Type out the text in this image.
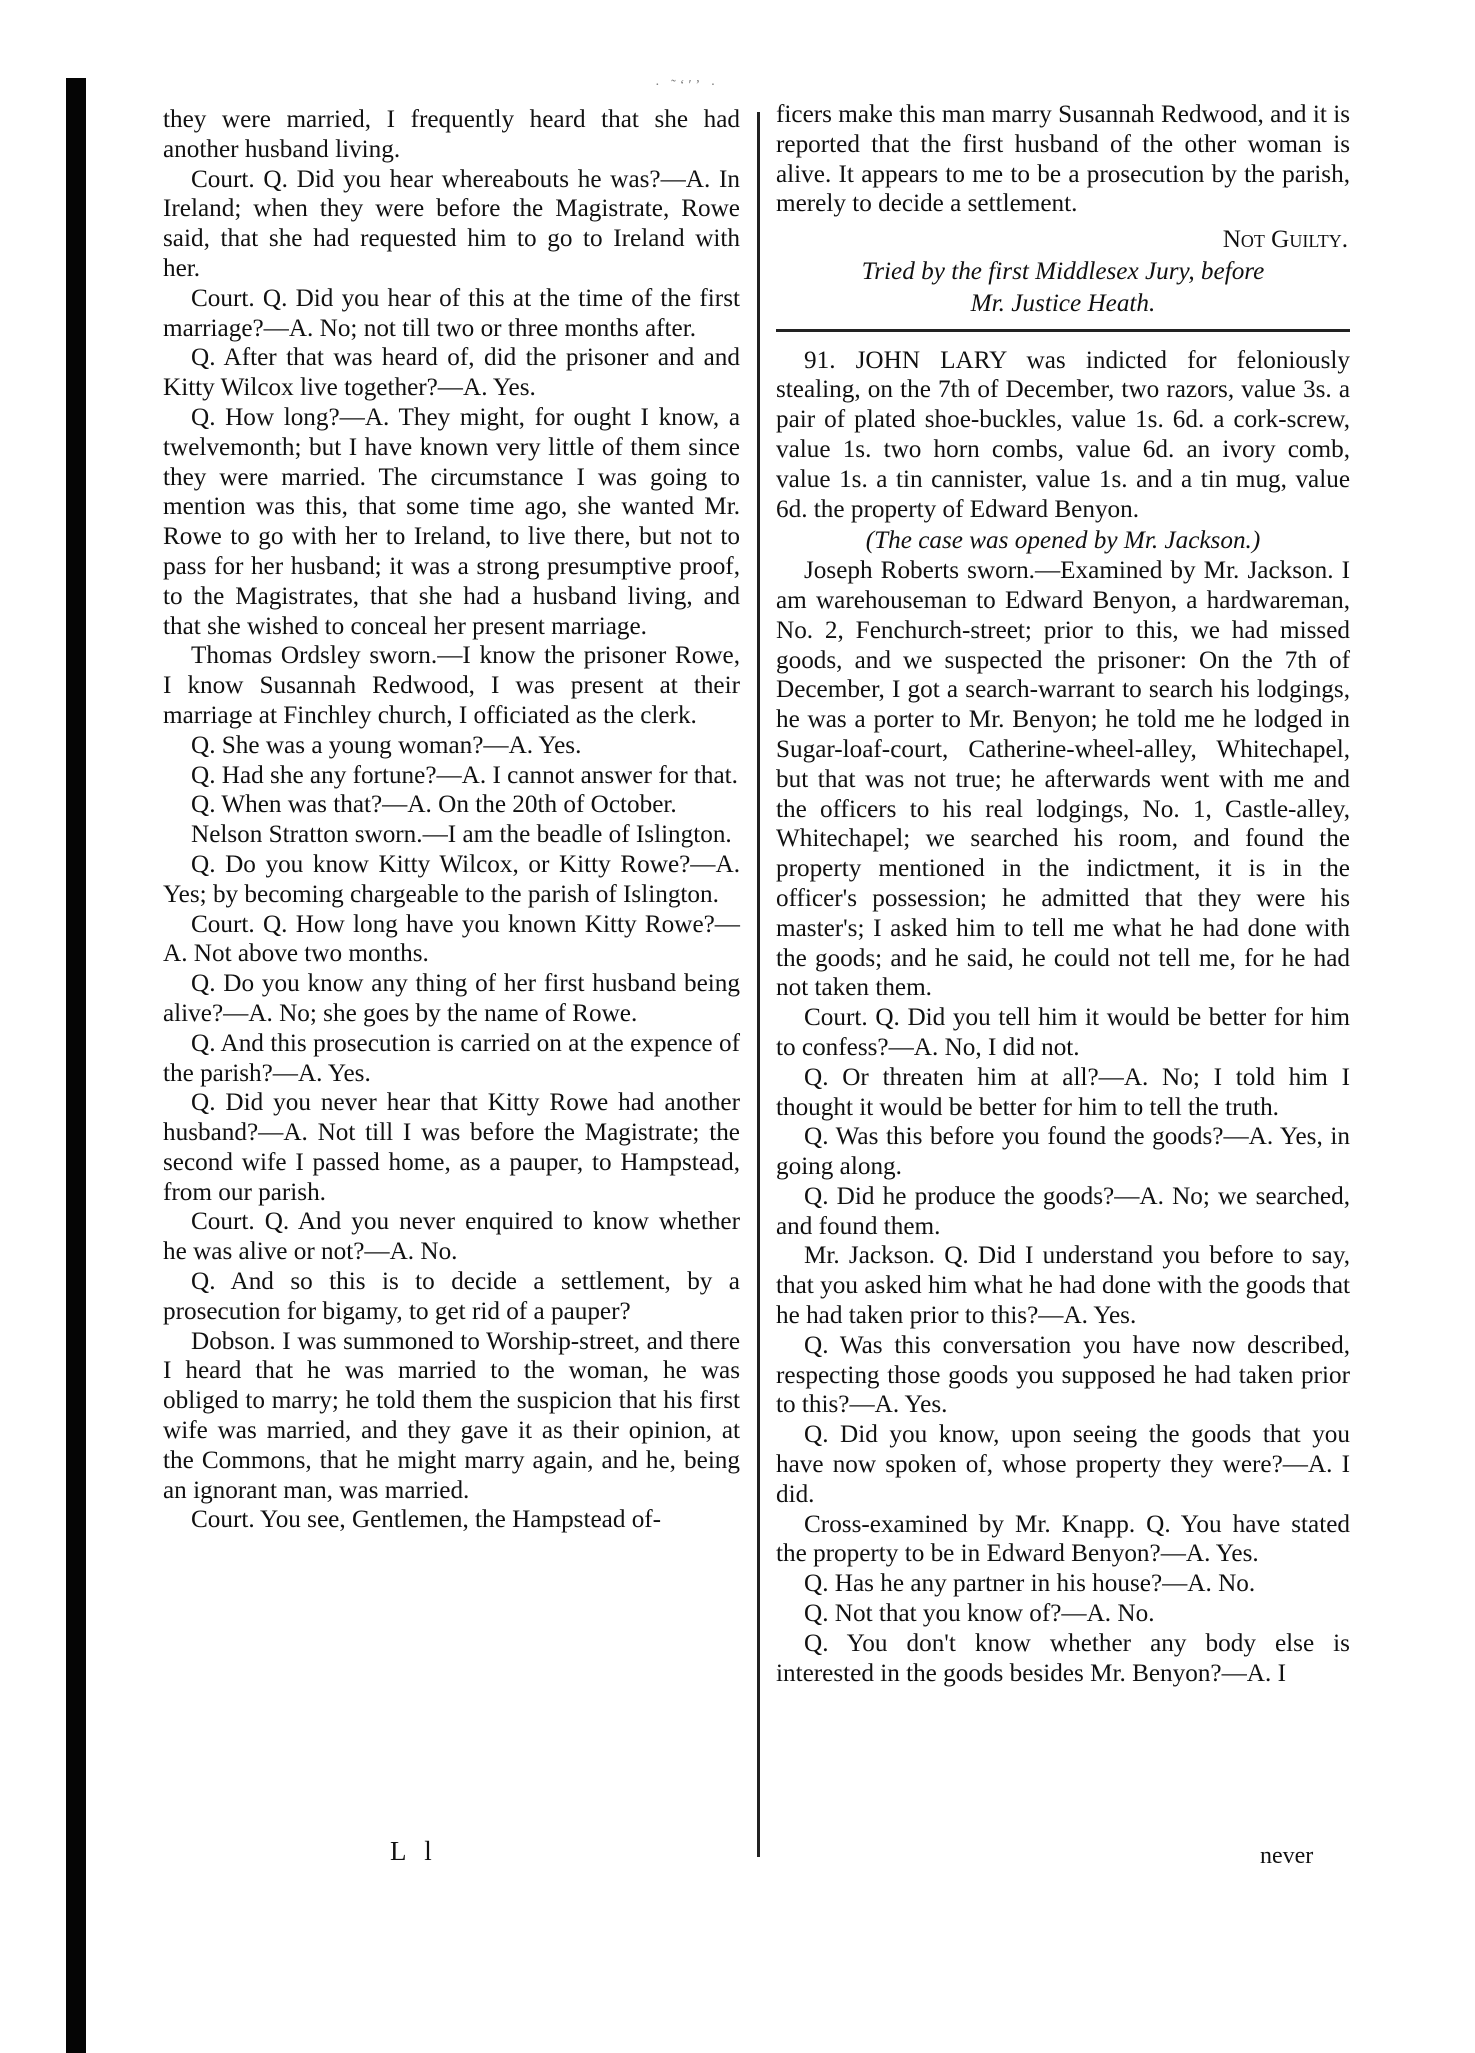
· ˜‘′’ ·

they were married, I frequently heard that she had another husband living.

Court. Q. Did you hear whereabouts he was?—A. In Ireland; when they were before the Magistrate, Rowe said, that she had requested him to go to Ireland with her.

Court. Q. Did you hear of this at the time of the first marriage?—A. No; not till two or three months after.

Q. After that was heard of, did the prisoner and and Kitty Wilcox live together?—A. Yes.

Q. How long?—A. They might, for ought I know, a twelvemonth; but I have known very little of them since they were married. The circumstance I was going to mention was this, that some time ago, she wanted Mr. Rowe to go with her to Ireland, to live there, but not to pass for her husband; it was a strong presumptive proof, to the Magistrates, that she had a husband living, and that she wished to conceal her present marriage.

Thomas Ordsley sworn.—I know the prisoner Rowe, I know Susannah Redwood, I was present at their marriage at Finchley church, I officiated as the clerk.

Q. She was a young woman?—A. Yes.

Q. Had she any fortune?—A. I cannot answer for that.

Q. When was that?—A. On the 20th of October.

Nelson Stratton sworn.—I am the beadle of Islington.

Q. Do you know Kitty Wilcox, or Kitty Rowe?—A. Yes; by becoming chargeable to the parish of Islington.

Court. Q. How long have you known Kitty Rowe?—A. Not above two months.

Q. Do you know any thing of her first husband being alive?—A. No; she goes by the name of Rowe.

Q. And this prosecution is carried on at the expence of the parish?—A. Yes.

Q. Did you never hear that Kitty Rowe had another husband?—A. Not till I was before the Magistrate; the second wife I passed home, as a pauper, to Hampstead, from our parish.

Court. Q. And you never enquired to know whether he was alive or not?—A. No.

Q. And so this is to decide a settlement, by a prosecution for bigamy, to get rid of a pauper?

Dobson. I was summoned to Worship-street, and there I heard that he was married to the woman, he was obliged to marry; he told them the suspicion that his first wife was married, and they gave it as their opinion, at the Commons, that he might marry again, and he, being an ignorant man, was married.

Court. You see, Gentlemen, the Hampstead of-

ficers make this man marry Susannah Redwood, and it is reported that the first husband of the other woman is alive. It appears to me to be a prosecution by the parish, merely to decide a settlement.

Not Guilty.

Tried by the first Middlesex Jury, before

Mr. Justice Heath.

91. JOHN LARY was indicted for feloniously stealing, on the 7th of December, two razors, value 3s. a pair of plated shoe-buckles, value 1s. 6d. a cork-screw, value 1s. two horn combs, value 6d. an ivory comb, value 1s. a tin cannister, value 1s. and a tin mug, value 6d. the property of Edward Benyon.

(The case was opened by Mr. Jackson.)

Joseph Roberts sworn.—Examined by Mr. Jackson. I am warehouseman to Edward Benyon, a hardwareman, No. 2, Fenchurch-street; prior to this, we had missed goods, and we suspected the prisoner: On the 7th of December, I got a search-warrant to search his lodgings, he was a porter to Mr. Benyon; he told me he lodged in Sugar-loaf-court, Catherine-wheel-alley, Whitechapel, but that was not true; he afterwards went with me and the officers to his real lodgings, No. 1, Castle-alley, Whitechapel; we searched his room, and found the property mentioned in the indictment, it is in the officer's possession; he admitted that they were his master's; I asked him to tell me what he had done with the goods; and he said, he could not tell me, for he had not taken them.

Court. Q. Did you tell him it would be better for him to confess?—A. No, I did not.

Q. Or threaten him at all?—A. No; I told him I thought it would be better for him to tell the truth.

Q. Was this before you found the goods?—A. Yes, in going along.

Q. Did he produce the goods?—A. No; we searched, and found them.

Mr. Jackson. Q. Did I understand you before to say, that you asked him what he had done with the goods that he had taken prior to this?—A. Yes.

Q. Was this conversation you have now described, respecting those goods you supposed he had taken prior to this?—A. Yes.

Q. Did you know, upon seeing the goods that you have now spoken of, whose property they were?—A. I did.

Cross-examined by Mr. Knapp. Q. You have stated the property to be in Edward Benyon?—A. Yes.

Q. Has he any partner in his house?—A. No.

Q. Not that you know of?—A. No.

Q. You don't know whether any body else is interested in the goods besides Mr. Benyon?—A. I

L l	never
